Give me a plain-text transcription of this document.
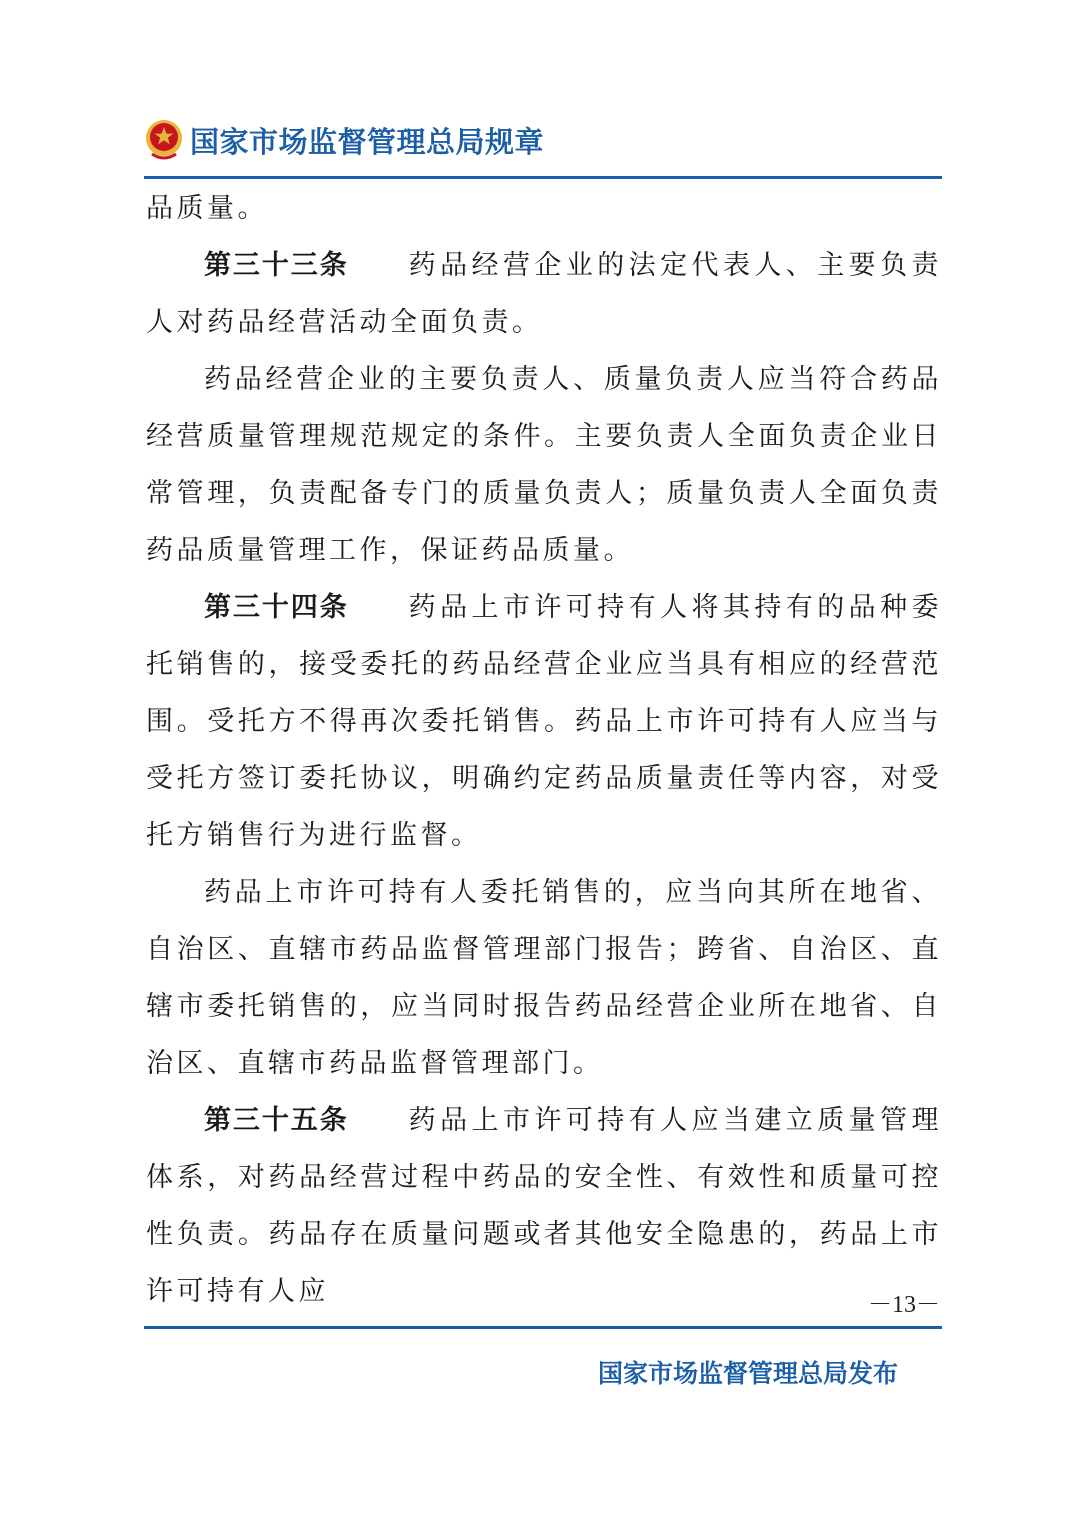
国家市场监督管理总局规章

品质量。

第三十三条 药品经营企业的法定代表人、主要负责人对药品经营活动全面负责。

药品经营企业的主要负责人、质量负责人应当符合药品经营质量管理规范规定的条件。主要负责人全面负责企业日常管理，负责配备专门的质量负责人；质量负责人全面负责药品质量管理工作，保证药品质量。

第三十四条 药品上市许可持有人将其持有的品种委托销售的，接受委托的药品经营企业应当具有相应的经营范围。受托方不得再次委托销售。药品上市许可持有人应当与受托方签订委托协议，明确约定药品质量责任等内容，对受托方销售行为进行监督。

药品上市许可持有人委托销售的，应当向其所在地省、自治区、直辖市药品监督管理部门报告；跨省、自治区、直辖市委托销售的，应当同时报告药品经营企业所在地省、自治区、直辖市药品监督管理部门。

第三十五条 药品上市许可持有人应当建立质量管理体系，对药品经营过程中药品的安全性、有效性和质量可控性负责。药品存在质量问题或者其他安全隐患的，药品上市许可持有人应	－13－
国家市场监督管理总局发布
